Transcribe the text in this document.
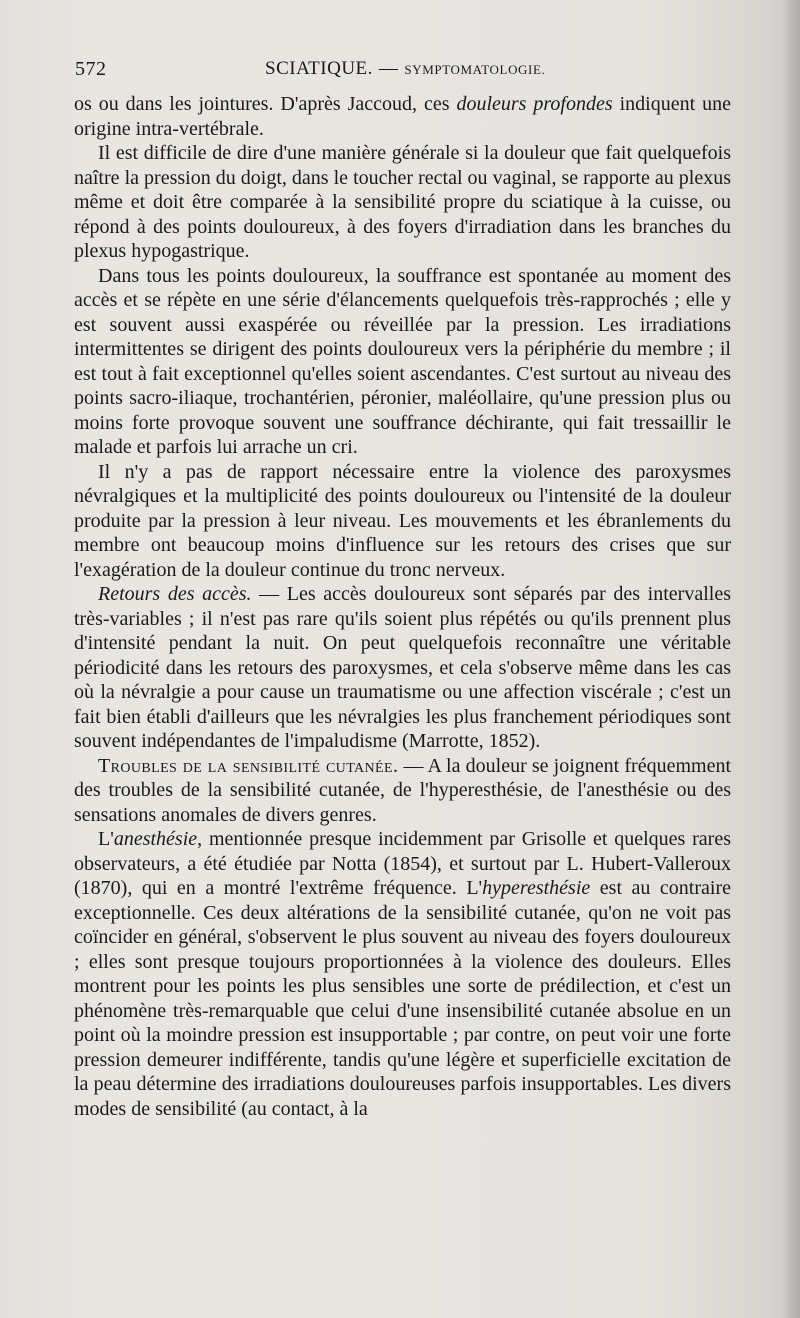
572	SCIATIQUE. — SYMPTOMATOLOGIE.

os ou dans les jointures. D'après Jaccoud, ces douleurs profondes indiquent une origine intra-vertébrale.

Il est difficile de dire d'une manière générale si la douleur que fait quelquefois naître la pression du doigt, dans le toucher rectal ou vaginal, se rapporte au plexus même et doit être comparée à la sensibilité propre du sciatique à la cuisse, ou répond à des points douloureux, à des foyers d'irradiation dans les branches du plexus hypogastrique.

Dans tous les points douloureux, la souffrance est spontanée au moment des accès et se répète en une série d'élancements quelquefois très-rapprochés ; elle y est souvent aussi exaspérée ou réveillée par la pression. Les irradiations intermittentes se dirigent des points douloureux vers la périphérie du membre ; il est tout à fait exceptionnel qu'elles soient ascendantes. C'est surtout au niveau des points sacro-iliaque, trochantérien, péronier, maléollaire, qu'une pression plus ou moins forte provoque souvent une souffrance déchirante, qui fait tressaillir le malade et parfois lui arrache un cri.

Il n'y a pas de rapport nécessaire entre la violence des paroxysmes névralgiques et la multiplicité des points douloureux ou l'intensité de la douleur produite par la pression à leur niveau. Les mouvements et les ébranlements du membre ont beaucoup moins d'influence sur les retours des crises que sur l'exagération de la douleur continue du tronc nerveux.

Retours des accès. — Les accès douloureux sont séparés par des intervalles très-variables ; il n'est pas rare qu'ils soient plus répétés ou qu'ils prennent plus d'intensité pendant la nuit. On peut quelquefois reconnaître une véritable périodicité dans les retours des paroxysmes, et cela s'observe même dans les cas où la névralgie a pour cause un traumatisme ou une affection viscérale ; c'est un fait bien établi d'ailleurs que les névralgies les plus franchement périodiques sont souvent indépendantes de l'impaludisme (Marrotte, 1852).

Troubles de la sensibilité cutanée. — A la douleur se joignent fréquemment des troubles de la sensibilité cutanée, de l'hyperesthésie, de l'anesthésie ou des sensations anomales de divers genres.

L'anesthésie, mentionnée presque incidemment par Grisolle et quelques rares observateurs, a été étudiée par Notta (1854), et surtout par L. Hubert-Valleroux (1870), qui en a montré l'extrême fréquence. L'hyperesthésie est au contraire exceptionnelle. Ces deux altérations de la sensibilité cutanée, qu'on ne voit pas coïncider en général, s'observent le plus souvent au niveau des foyers douloureux ; elles sont presque toujours proportionnées à la violence des douleurs. Elles montrent pour les points les plus sensibles une sorte de prédilection, et c'est un phénomène très-remarquable que celui d'une insensibilité cutanée absolue en un point où la moindre pression est insupportable ; par contre, on peut voir une forte pression demeurer indifférente, tandis qu'une légère et superficielle excitation de la peau détermine des irradiations douloureuses parfois insupportables. Les divers modes de sensibilité (au contact, à la
